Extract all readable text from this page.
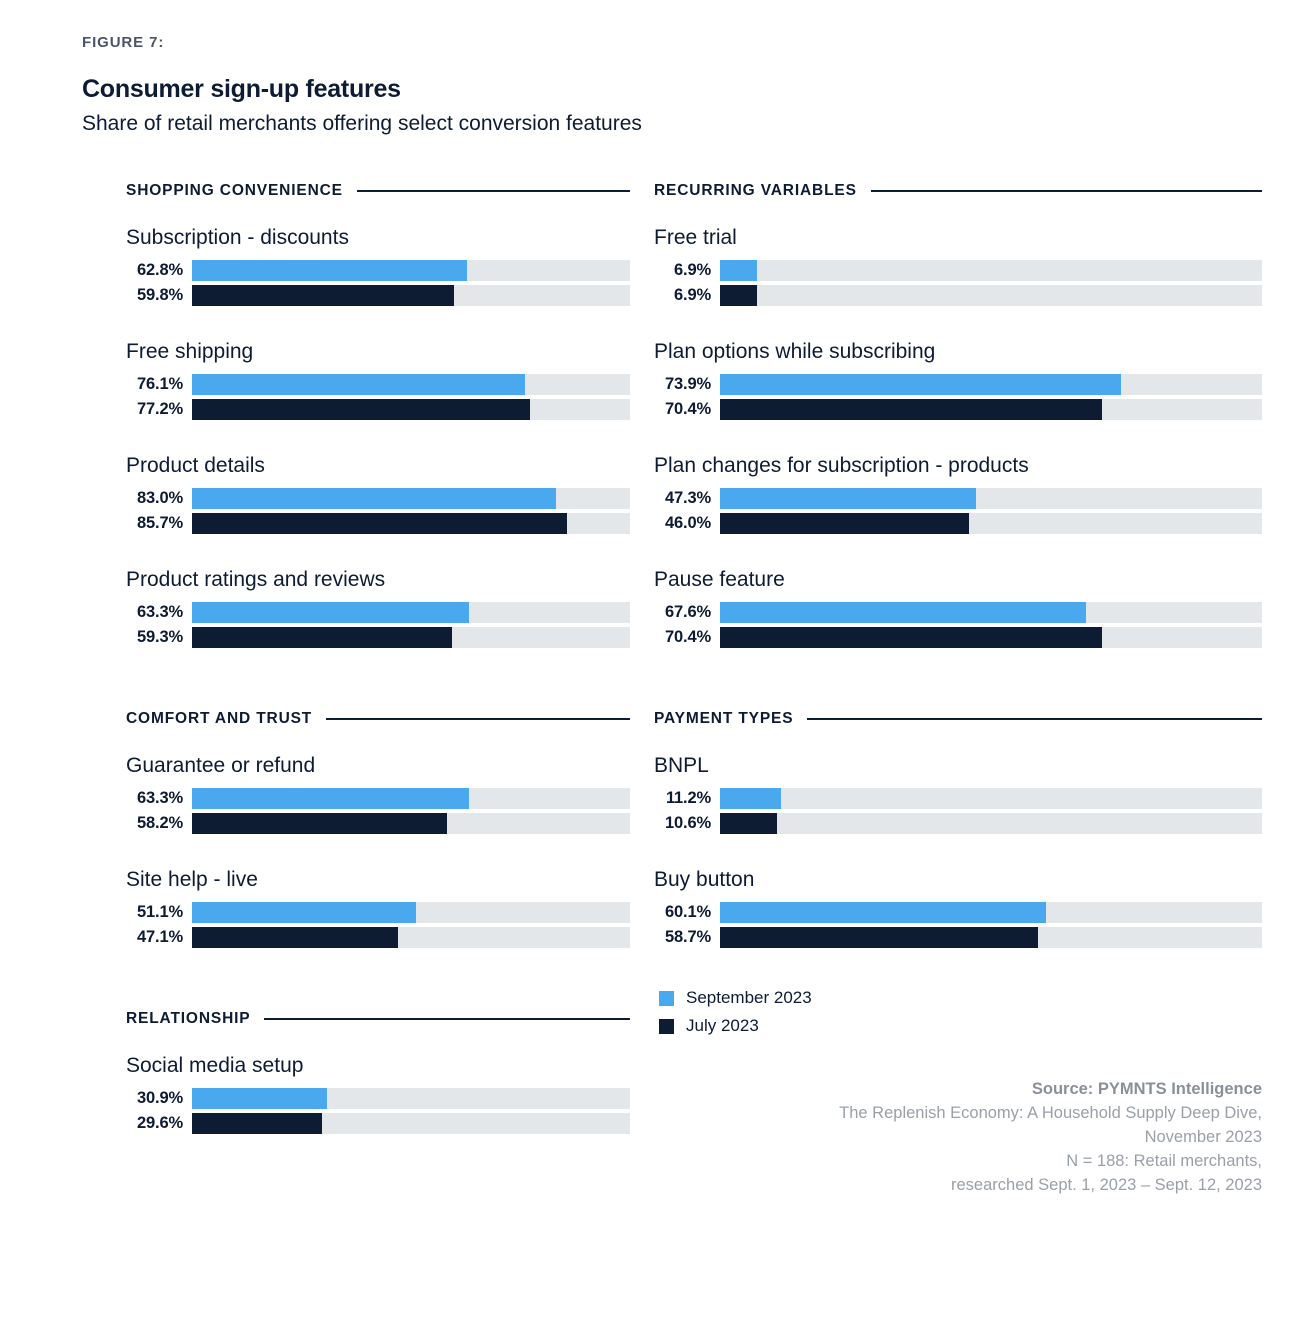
FIGURE 7:
Consumer sign-up features
Share of retail merchants offering select conversion features
SHOPPING CONVENIENCE
Subscription - discounts
62.8%
59.8%
Free shipping
76.1%
77.2%
Product details
83.0%
85.7%
Product ratings and reviews
63.3%
59.3%
COMFORT AND TRUST
Guarantee or refund
63.3%
58.2%
Site help - live
51.1%
47.1%
RELATIONSHIP
Social media setup
30.9%
29.6%
RECURRING VARIABLES
Free trial
6.9%
6.9%
Plan options while subscribing
73.9%
70.4%
Plan changes for subscription - products
47.3%
46.0%
Pause feature
67.6%
70.4%
PAYMENT TYPES
BNPL
11.2%
10.6%
Buy button
60.1%
58.7%
September 2023
July 2023
Source: PYMNTS Intelligence
The Replenish Economy: A Household Supply Deep Dive,
November 2023
N = 188: Retail merchants,
researched Sept. 1, 2023 – Sept. 12, 2023
